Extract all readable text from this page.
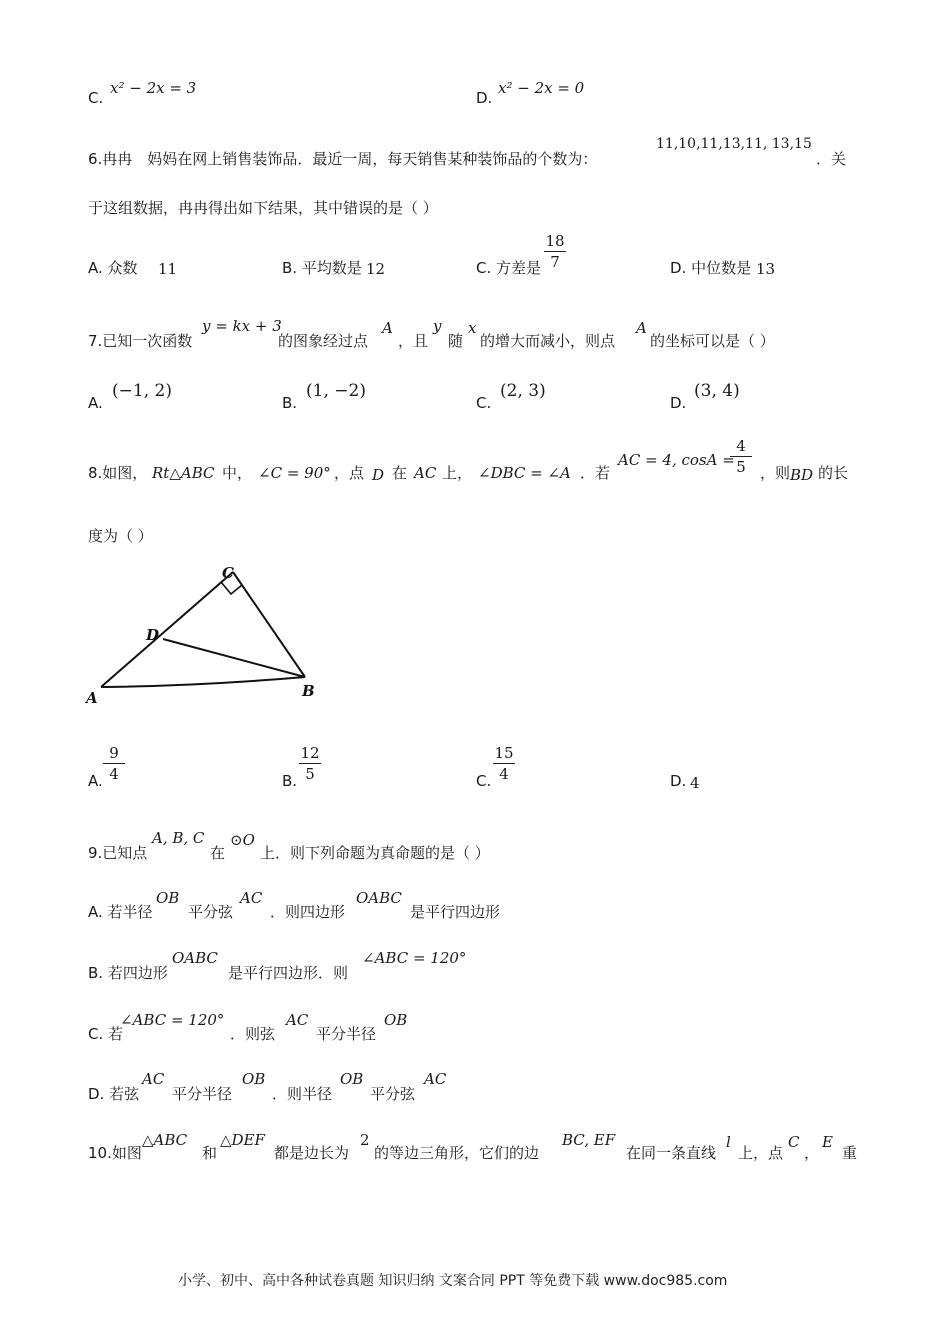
C.
x² − 2x = 3
D.
x² − 2x = 0
6.冉冉　妈妈在网上销售装饰品．最近一周，每天销售某种装饰品的个数为：
11,10,11,13,11, 13,15
．关
于这组数据，冉冉得出如下结果，其中错误的是（ ）
A. 众数 11	B. 平均数是 12	C. 方差是
18
7	D. 中位数是 13
7.已知一次函数
y = kx + 3
的图象经过点
A
，且
y
随
x
的增大而减小，则点
A
的坐标可以是（ ）
A.
(−1, 2)
B.
(1, −2)
C.
(2, 3)
D.
(3, 4)
8.如图， Rt△ABC 中， ∠C = 90° ，点 D 在 AC 上， ∠DBC = ∠A ．若
AC = 4, cosA =
4
5 ，则 BD 的长
度为（ ）
C
D
A	B
A.
9
4	B.
12
5	C.
15
4	D. 4
9.已知点
A, B, C
在
⊙O
上．则下列命题为真命题的是（ ）
A. 若半径
OB
平分弦
AC
．则四边形
OABC
是平行四边形
B. 若四边形
OABC
是平行四边形．则
∠ABC = 120°
C. 若
∠ABC = 120°
．则弦
AC
平分半径
OB
D. 若弦
AC
平分半径
OB
．则半径
OB
平分弦
AC
10.如图
△ABC
和
△DEF
都是边长为
2
的等边三角形，它们的边
BC, EF
在同一条直线
l
上，点
C
，
E
重
小学、初中、高中各种试卷真题 知识归纳 文案合同 PPT 等免费下载 www.doc985.com
